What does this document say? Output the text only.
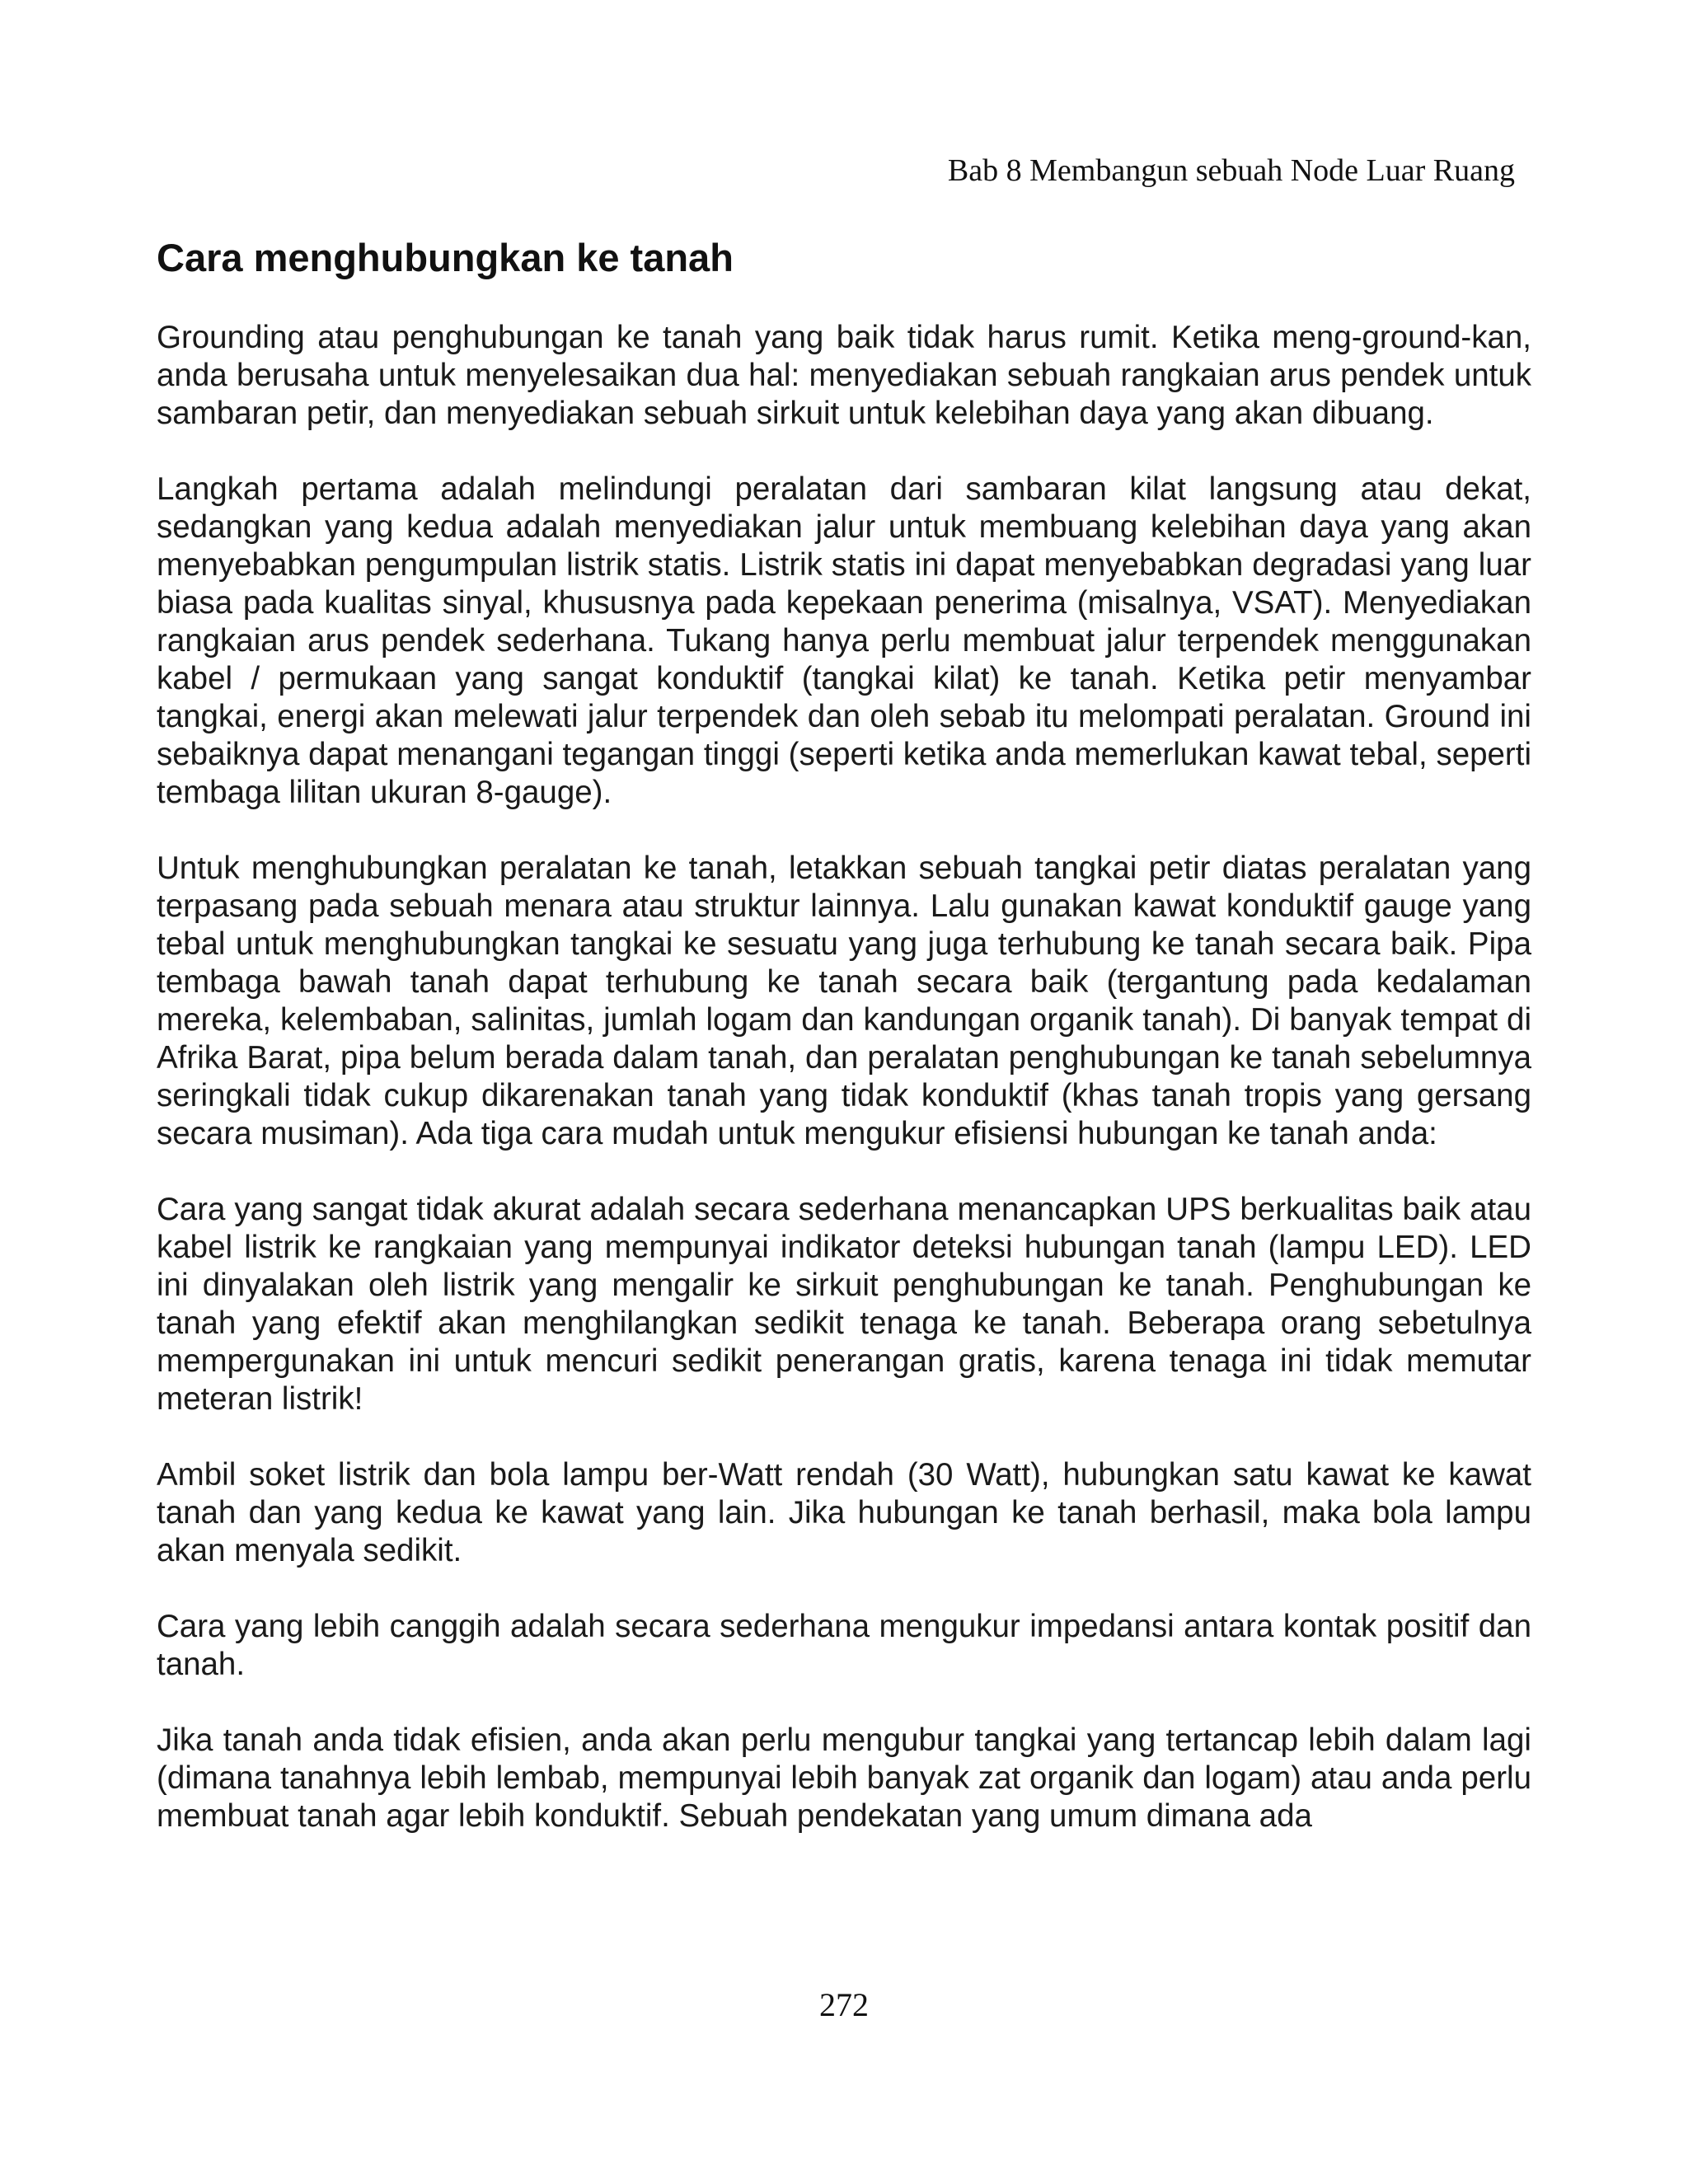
Bab 8 Membangun sebuah Node Luar Ruang
Cara menghubungkan ke tanah

Grounding atau penghubungan ke tanah yang baik tidak harus rumit. Ketika meng-ground-kan, anda berusaha untuk menyelesaikan dua hal: menyediakan sebuah rangkaian arus pendek untuk sambaran petir, dan menyediakan sebuah sirkuit untuk kelebihan daya yang akan dibuang.

Langkah pertama adalah melindungi peralatan dari sambaran kilat langsung atau dekat, sedangkan yang kedua adalah menyediakan jalur untuk membuang kelebihan daya yang akan menyebabkan pengumpulan listrik statis. Listrik statis ini dapat menyebabkan degradasi yang luar biasa pada kualitas sinyal, khususnya pada kepekaan penerima (misalnya, VSAT). Menyediakan rangkaian arus pendek sederhana. Tukang hanya perlu membuat jalur terpendek menggunakan kabel / permukaan yang sangat konduktif (tangkai kilat) ke tanah. Ketika petir menyambar tangkai, energi akan melewati jalur terpendek dan oleh sebab itu melompati peralatan. Ground ini sebaiknya dapat menangani tegangan tinggi (seperti ketika anda memerlukan kawat tebal, seperti tembaga lilitan ukuran 8-gauge).

Untuk menghubungkan peralatan ke tanah, letakkan sebuah tangkai petir diatas peralatan yang terpasang pada sebuah menara atau struktur lainnya. Lalu gunakan kawat konduktif gauge yang tebal untuk menghubungkan tangkai ke sesuatu yang juga terhubung ke tanah secara baik. Pipa tembaga bawah tanah dapat terhubung ke tanah secara baik (tergantung pada kedalaman mereka, kelembaban, salinitas, jumlah logam dan kandungan organik tanah). Di banyak tempat di Afrika Barat, pipa belum berada dalam tanah, dan peralatan penghubungan ke tanah sebelumnya seringkali tidak cukup dikarenakan tanah yang tidak konduktif (khas tanah tropis yang gersang secara musiman). Ada tiga cara mudah untuk mengukur efisiensi hubungan ke tanah anda:

Cara yang sangat tidak akurat adalah secara sederhana menancapkan UPS berkualitas baik atau kabel listrik ke rangkaian yang mempunyai indikator deteksi hubungan tanah (lampu LED). LED ini dinyalakan oleh listrik yang mengalir ke sirkuit penghubungan ke tanah. Penghubungan ke tanah yang efektif akan menghilangkan sedikit tenaga ke tanah. Beberapa orang sebetulnya mempergunakan ini untuk mencuri sedikit penerangan gratis, karena tenaga ini tidak memutar meteran listrik!

Ambil soket listrik dan bola lampu ber-Watt rendah (30 Watt), hubungkan satu kawat ke kawat tanah dan yang kedua ke kawat yang lain. Jika hubungan ke tanah berhasil, maka bola lampu akan menyala sedikit.

Cara yang lebih canggih adalah secara sederhana mengukur impedansi antara kontak positif dan tanah.

Jika tanah anda tidak efisien, anda akan perlu mengubur tangkai yang tertancap lebih dalam lagi (dimana tanahnya lebih lembab, mempunyai lebih banyak zat organik dan logam) atau anda perlu membuat tanah agar lebih konduktif. Sebuah pendekatan yang umum dimana ada

272
